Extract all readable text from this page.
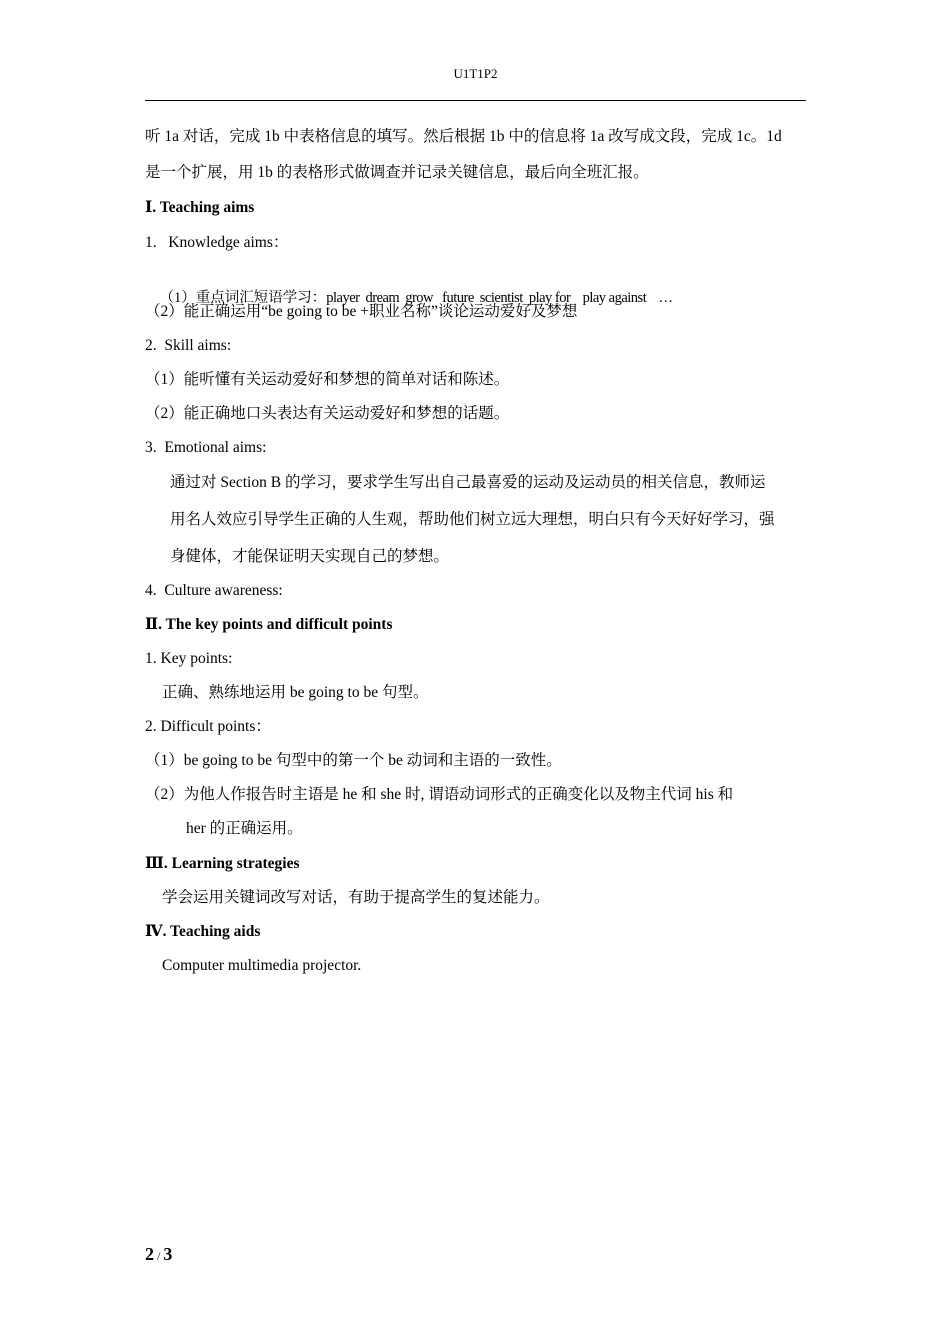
U1T1P2
听 1a 对话，完成 1b 中表格信息的填写。然后根据 1b 中的信息将 1a 改写成文段，完成 1c。1d
是一个扩展，用 1b 的表格形式做调查并记录关键信息，最后向全班汇报。
Ⅰ. Teaching aims
1.   Knowledge aims：

（1）重点词汇短语学习：player dream grow future scientist play for  play against  …

（2）能正确运用“be going to be +职业名称”谈论运动爱好及梦想
2.  Skill aims:
（1）能听懂有关运动爱好和梦想的简单对话和陈述。
（2）能正确地口头表达有关运动爱好和梦想的话题。
3.  Emotional aims:
通过对 Section B 的学习，要求学生写出自己最喜爱的运动及运动员的相关信息，教师运
用名人效应引导学生正确的人生观，帮助他们树立远大理想，明白只有今天好好学习，强
身健体，才能保证明天实现自己的梦想。
4.  Culture awareness:
Ⅱ. The key points and difficult points
1. Key points:
正确、熟练地运用 be going to be 句型。
2. Difficult points：
（1）be going to be 句型中的第一个 be 动词和主语的一致性。
（2）为他人作报告时主语是 he 和 she 时, 谓语动词形式的正确变化以及物主代词 his 和
her 的正确运用。
Ⅲ. Learning strategies
学会运用关键词改写对话，有助于提高学生的复述能力。
Ⅳ. Teaching aids
Computer multimedia projector.
2 / 3
